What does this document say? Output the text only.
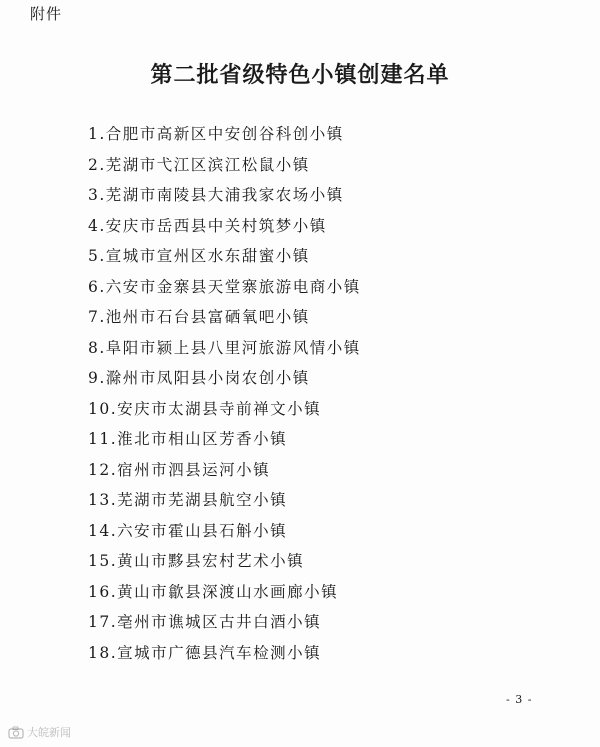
附件
第二批省级特色小镇创建名单
1.合肥市高新区中安创谷科创小镇
2.芜湖市弋江区滨江松鼠小镇
3.芜湖市南陵县大浦我家农场小镇
4.安庆市岳西县中关村筑梦小镇
5.宣城市宣州区水东甜蜜小镇
6.六安市金寨县天堂寨旅游电商小镇
7.池州市石台县富硒氧吧小镇
8.阜阳市颍上县八里河旅游风情小镇
9.滁州市凤阳县小岗农创小镇
10.安庆市太湖县寺前禅文小镇
11.淮北市相山区芳香小镇
12.宿州市泗县运河小镇
13.芜湖市芜湖县航空小镇
14.六安市霍山县石斛小镇
15.黄山市黟县宏村艺术小镇
16.黄山市歙县深渡山水画廊小镇
17.亳州市谯城区古井白酒小镇
18.宣城市广德县汽车检测小镇
- 3 -
大皖新闻
